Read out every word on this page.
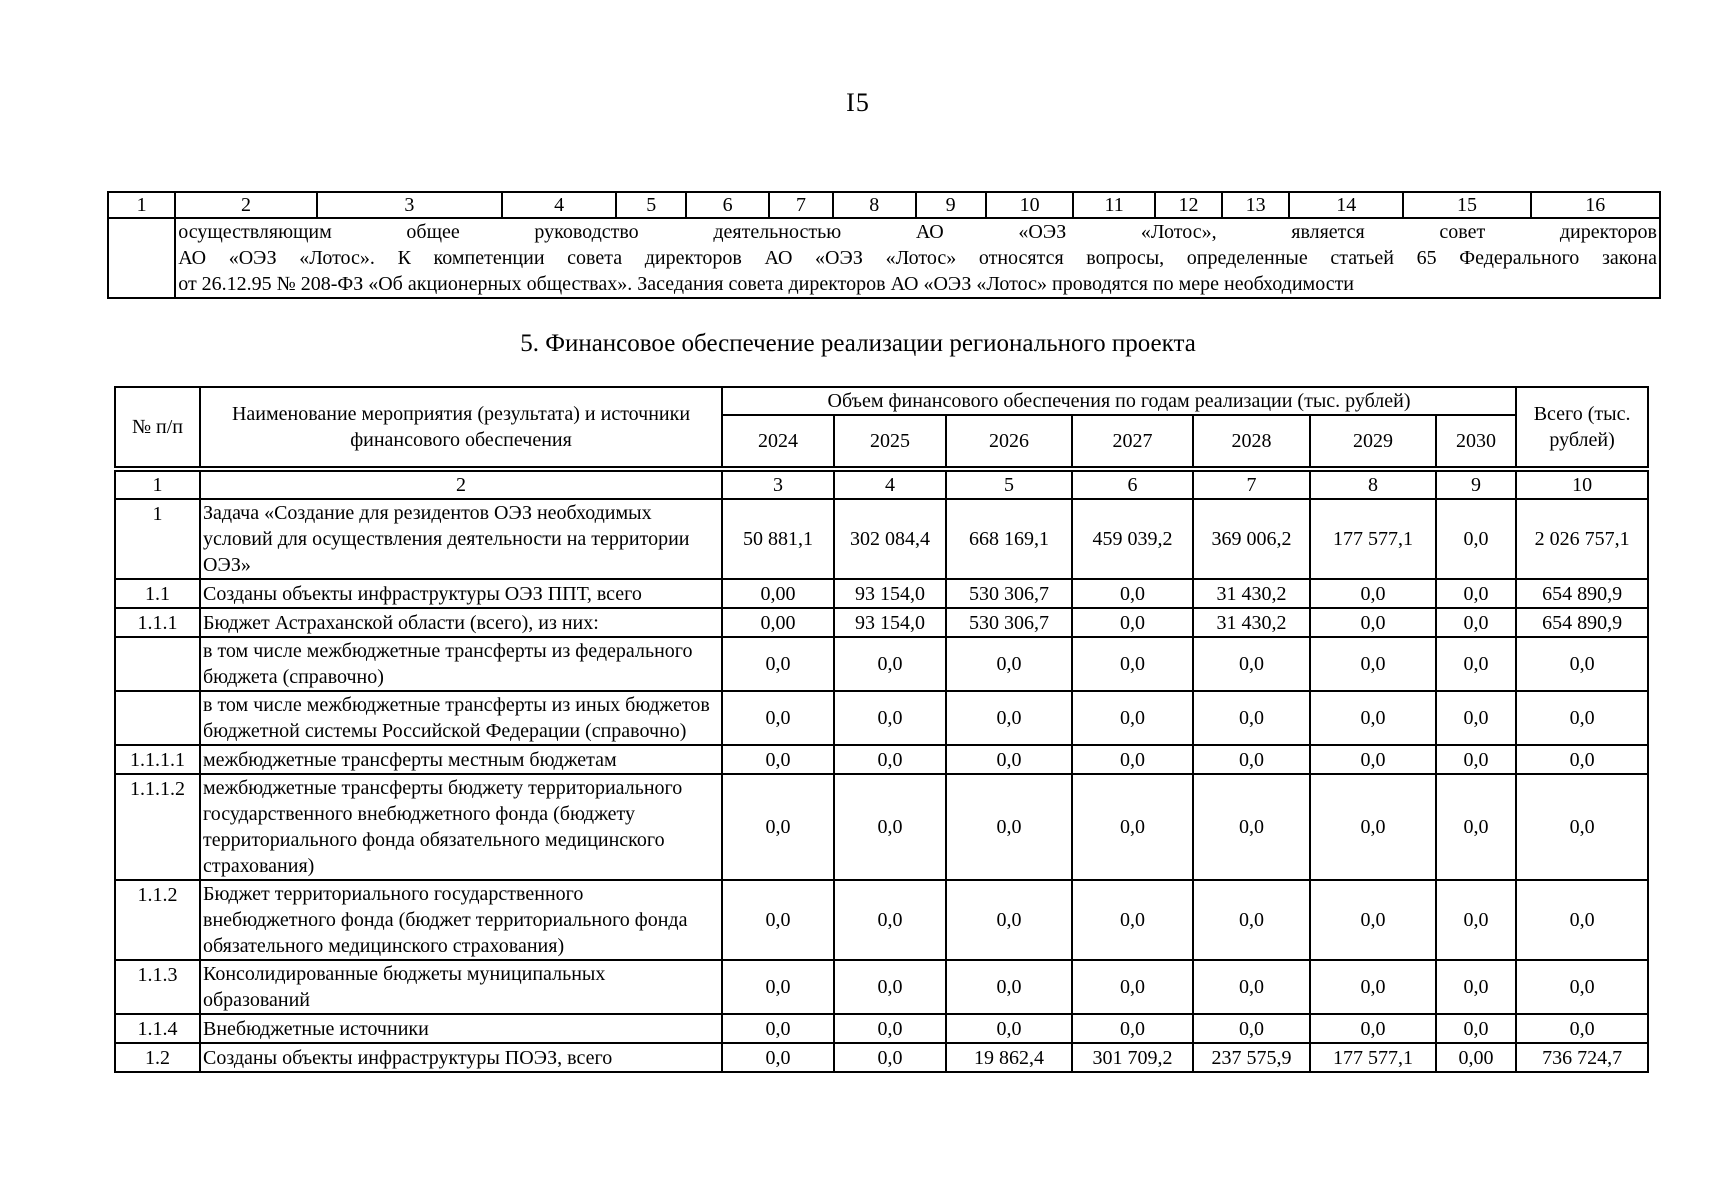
I5
1	2	3	4	5	6	7	8	9	10	11	12	13	14	15	16

	осуществляющим общее руководство деятельностью АО «ОЭЗ «Лотос», является совет директоров
АО «ОЭЗ «Лотос». К компетенции совета директоров АО «ОЭЗ «Лотос» относятся вопросы, определенные статьей 65 Федерального закона
от 26.12.95 № 208-ФЗ «Об акционерных обществах». Заседания совета директоров АО «ОЭЗ «Лотос» проводятся по мере необходимости														
5. Финансовое обеспечение реализации регионального проекта
№ п/п	Наименование мероприятия (результата) и источники финансового обеспечения	Объем финансового обеспечения по годам реализации (тыс. рублей)							Всего (тыс. рублей)
		2024	2025	2026	2027	2028	2029	2030	

1	2	3	4	5	6	7	8	9	10
1	Задача «Создание для резидентов ОЭЗ необходимых условий для осуществления деятельности на территории ОЭЗ»	50 881,1	302 084,4	668 169,1	459 039,2	369 006,2	177 577,1	0,0	2 026 757,1
1.1	Созданы объекты инфраструктуры ОЭЗ ППТ, всего	0,00	93 154,0	530 306,7	0,0	31 430,2	0,0	0,0	654 890,9
1.1.1	Бюджет Астраханской области (всего), из них:	0,00	93 154,0	530 306,7	0,0	31 430,2	0,0	0,0	654 890,9
	в том числе межбюджетные трансферты из федерального бюджета (справочно)	0,0	0,0	0,0	0,0	0,0	0,0	0,0	0,0
	в том числе межбюджетные трансферты из иных бюджетов бюджетной системы Российской Федерации (справочно)	0,0	0,0	0,0	0,0	0,0	0,0	0,0	0,0
1.1.1.1	межбюджетные трансферты местным бюджетам	0,0	0,0	0,0	0,0	0,0	0,0	0,0	0,0
1.1.1.2	межбюджетные трансферты бюджету территориального государственного внебюджетного фонда (бюджету территориального фонда обязательного медицинского страхования)	0,0	0,0	0,0	0,0	0,0	0,0	0,0	0,0
1.1.2	Бюджет территориального государственного внебюджетного фонда (бюджет территориального фонда обязательного медицинского страхования)	0,0	0,0	0,0	0,0	0,0	0,0	0,0	0,0
1.1.3	Консолидированные бюджеты муниципальных образований	0,0	0,0	0,0	0,0	0,0	0,0	0,0	0,0
1.1.4	Внебюджетные источники	0,0	0,0	0,0	0,0	0,0	0,0	0,0	0,0
1.2	Созданы объекты инфраструктуры ПОЭЗ, всего	0,0	0,0	19 862,4	301 709,2	237 575,9	177 577,1	0,00	736 724,7
